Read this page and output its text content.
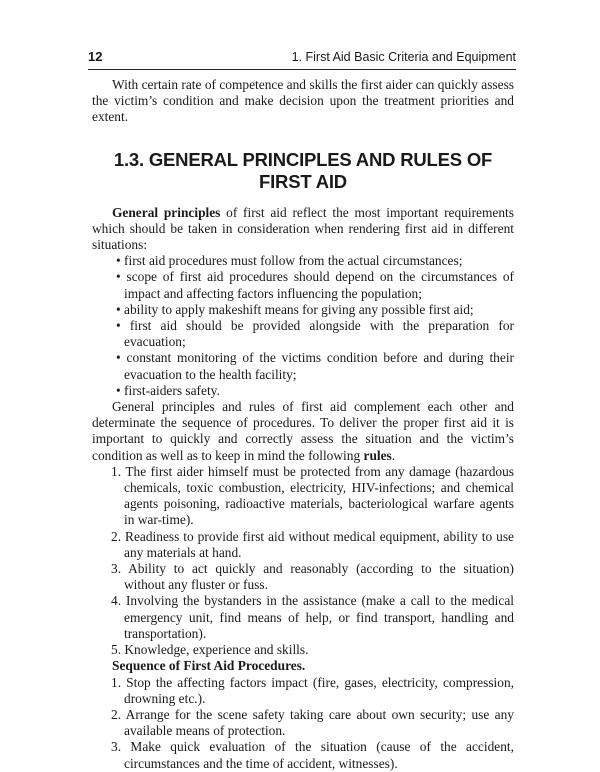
12	1. First Aid Basic Criteria and Equipment

With certain rate of competence and skills the first aider can quickly assess the victim’s condition and make decision upon the treatment priorities and extent.

1.3. GENERAL PRINCIPLES AND RULES OF FIRST AID

General principles of first aid reflect the most important requirements which should be taken in consideration when rendering first aid in different situations:

• first aid procedures must follow from the actual circumstances;
• scope of first aid procedures should depend on the circumstances of impact and affecting factors influencing the population;
• ability to apply makeshift means for giving any possible first aid;
• first aid should be provided alongside with the preparation for evacuation;
• constant monitoring of the victims condition before and during their evacuation to the health facility;
• first-aiders safety.

General principles and rules of first aid complement each other and determinate the sequence of procedures. To deliver the proper first aid it is important to quickly and correctly assess the situation and the victim’s condition as well as to keep in mind the following rules.

1. The first aider himself must be protected from any damage (hazardous chemicals, toxic combustion, electricity, HIV-infections; and chemical agents poisoning, radioactive materials, bacteriological warfare agents in war-time).
2. Readiness to provide first aid without medical equipment, ability to use any materials at hand.
3. Ability to act quickly and reasonably (according to the situation) without any fluster or fuss.
4. Involving the bystanders in the assistance (make a call to the medical emergency unit, find means of help, or find transport, handling and transportation).
5. Knowledge, experience and skills.

Sequence of First Aid Procedures.

1. Stop the affecting factors impact (fire, gases, electricity, compression, drowning etc.).
2. Arrange for the scene safety taking care about own security; use any available means of protection.
3. Make quick evaluation of the situation (cause of the accident, circumstances and the time of accident, witnesses).
